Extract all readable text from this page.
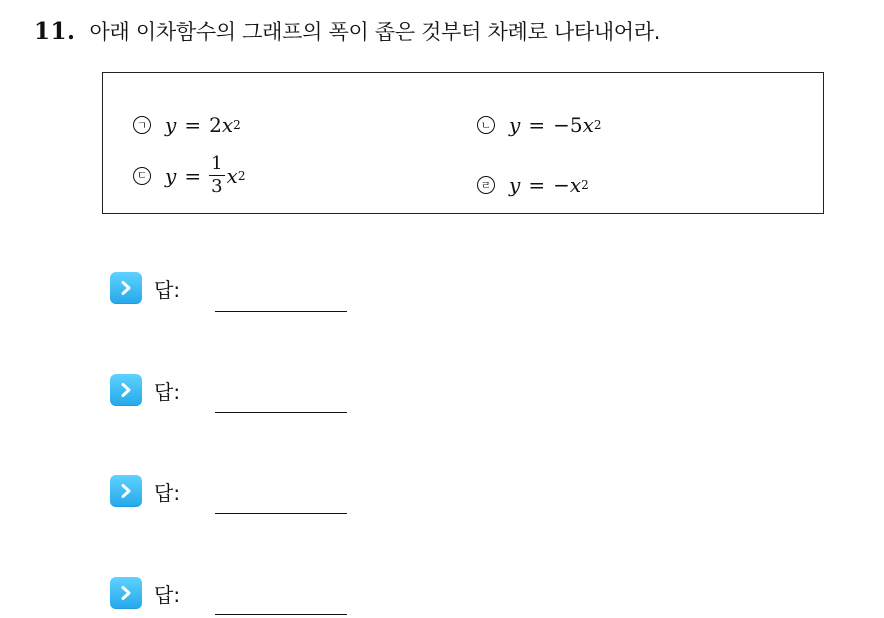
11. 아래 이차함수의 그래프의 폭이 좁은 것부터 차례로 나타내어라.
ㄱ y = 2 x 2	ㄴ y = −5 x 2
ㄷ $y = \frac{1}{3}$ x 2
ㄹ y = − x 2
답:
답:
답:
답:
